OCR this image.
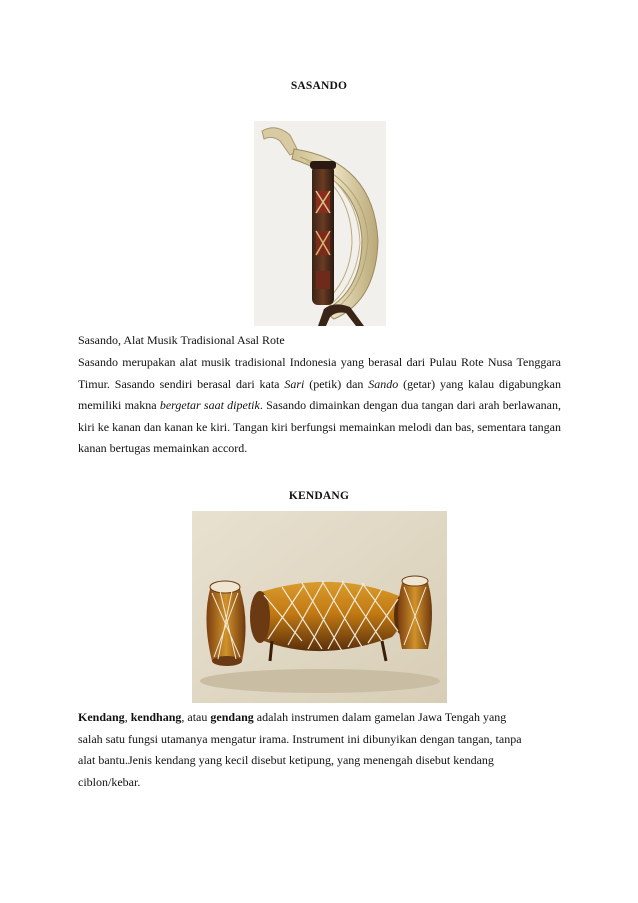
SASANDO
Sasando, Alat Musik Tradisional Asal Rote
Sasando merupakan alat musik tradisional Indonesia yang berasal dari Pulau Rote Nusa Tenggara Timur. Sasando sendiri berasal dari kata Sari (petik) dan Sando (getar) yang kalau digabungkan memiliki makna bergetar saat dipetik. Sasando dimainkan dengan dua tangan dari arah berlawanan, kiri ke kanan dan kanan ke kiri. Tangan kiri berfungsi memainkan melodi dan bas, sementara tangan kanan bertugas memainkan accord.
KENDANG
Kendang, kendhang, atau gendang adalah instrumen dalam gamelan Jawa Tengah yang
salah satu fungsi utamanya mengatur irama. Instrument ini dibunyikan dengan tangan, tanpa
alat bantu.Jenis kendang yang kecil disebut ketipung, yang menengah disebut kendang
ciblon/kebar.
